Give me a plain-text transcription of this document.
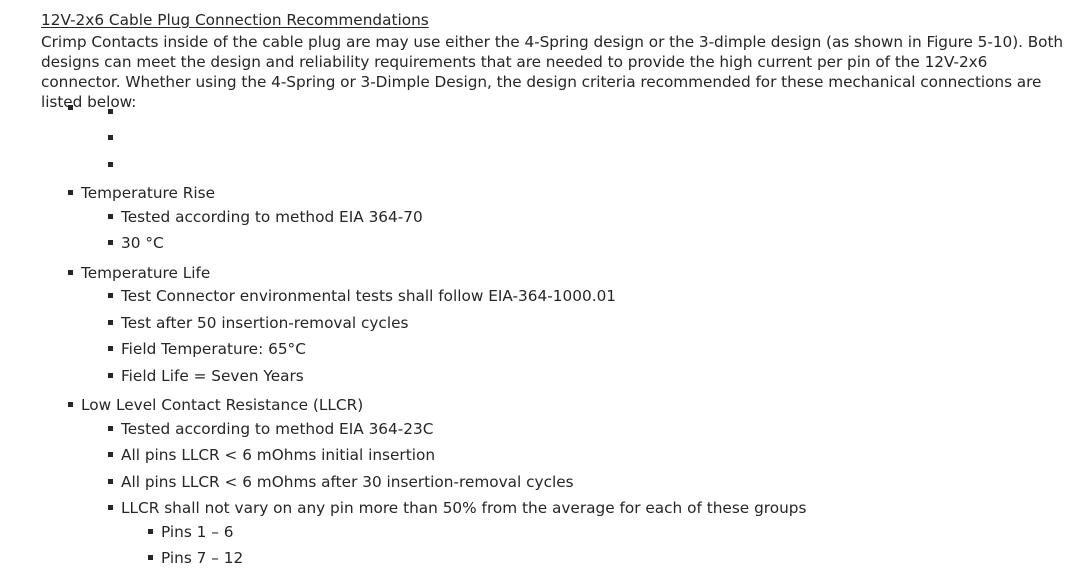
12V-2x6 Cable Plug Connection Recommendations

Crimp Contacts inside of the cable plug are may use either the 4-Spring design or the 3-dimple design (as shown in Figure 5-10). Both designs can meet the design and reliability requirements that are needed to provide the high current per pin of the 12V-2x6 connector. Whether using the 4-Spring or 3-Dimple Design, the design criteria recommended for these mechanical connections are listed below:

Temperature Rise
Tested according to method EIA 364-70
30 °C
Temperature Life
Test Connector environmental tests shall follow EIA-364-1000.01
Test after 50 insertion-removal cycles
Field Temperature: 65°C
Field Life = Seven Years
Low Level Contact Resistance (LLCR)
Tested according to method EIA 364-23C
All pins LLCR < 6 mOhms initial insertion
All pins LLCR < 6 mOhms after 30 insertion-removal cycles
LLCR shall not vary on any pin more than 50% from the average for each of these groups
Pins 1 – 6
Pins 7 – 12
